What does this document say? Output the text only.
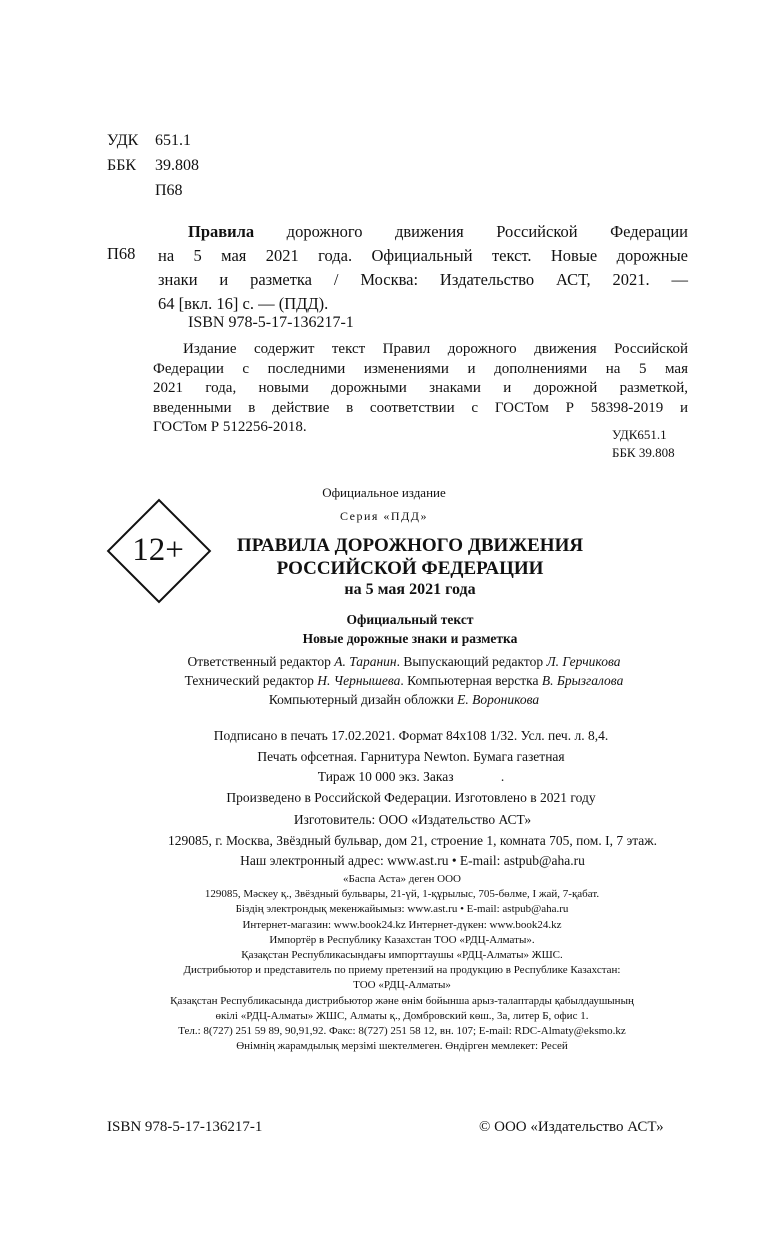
УДК 651.1
ББК 39.808
П68
П68
Правила дорожного движения Российской Федерации
на 5 мая 2021 года. Официальный текст. Новые дорожные
знаки и разметка / Москва: Издательство АСТ, 2021. —
64 [вкл. 16] с. — (ПДД).
ISBN 978-5-17-136217-1
Издание содержит текст Правил дорожного движения Российской
Федерации с последними изменениями и дополнениями на 5 мая
2021 года, новыми дорожными знаками и дорожной разметкой,
введенными в действие в соответствии с ГОСТом Р 58398-2019 и
ГОСТом Р 512256-2018.	УДК651.1
ББК 39.808
Официальное издание
Серия «ПДД»
12+	ПРАВИЛА ДОРОЖНОГО ДВИЖЕНИЯ
РОССИЙСКОЙ ФЕДЕРАЦИИ
на 5 мая 2021 года
Официальный текст
Новые дорожные знаки и разметка
Ответственный редактор А. Таранин. Выпускающий редактор Л. Герчикова
Технический редактор Н. Чернышева. Компьютерная верстка В. Брызгалова
Компьютерный дизайн обложки Е. Вороникова
Подписано в печать 17.02.2021. Формат 84x108 1/32. Усл. печ. л. 8,4.
Печать офсетная. Гарнитура Newton. Бумага газетная
Тираж 10 000 экз. Заказ              .
Произведено в Российской Федерации. Изготовлено в 2021 году
Изготовитель: ООО «Издательство АСТ»
129085, г. Москва, Звёздный бульвар, дом 21, строение 1, комната 705, пом. I, 7 этаж.
Наш электронный адрес: www.ast.ru • E-mail: astpub@aha.ru
«Баспа Аста» деген ООО
129085, Мәскеу қ., Звёздный бульвары, 21-үй, 1-құрылыс, 705-бөлме, I жай, 7-қабат.
Біздің электрондық мекенжайымыз: www.ast.ru • E-mail: astpub@aha.ru
Интернет-магазин: www.book24.kz Интернет-дүкен: www.book24.kz
Импортёр в Республику Казахстан ТОО «РДЦ-Алматы».
Қазақстан Республикасындағы импорттаушы «РДЦ-Алматы» ЖШС.
Дистрибьютор и представитель по приему претензий на продукцию в Республике Казахстан:
ТОО «РДЦ-Алматы»
Қазақстан Республикасында дистрибьютор және өнім бойынша арыз-талаптарды қабылдаушының
өкілі «РДЦ-Алматы» ЖШС, Алматы қ., Домбровский көш., 3а, литер Б, офис 1.
Тел.: 8(727) 251 59 89, 90,91,92. Факс: 8(727) 251 58 12, вн. 107; E-mail: RDC-Almaty@eksmo.kz
Өнімнің жарамдылық мерзімі шектелмеген. Өндірген мемлекет: Ресей
ISBN 978-5-17-136217-1	© ООО «Издательство АСТ»
